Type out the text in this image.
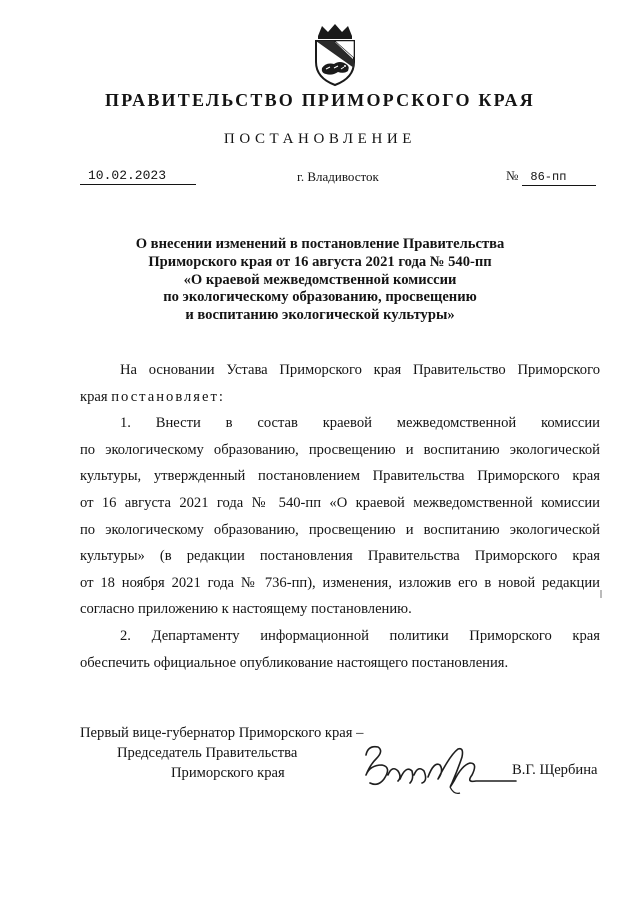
ПРАВИТЕЛЬСТВО ПРИМОРСКОГО КРАЯ
ПОСТАНОВЛЕНИЕ
10.02.2023	г. Владивосток	№ 86-пп
О внесении изменений в постановление Правительства
Приморского края от 16 августа 2021 года № 540-пп
«О краевой межведомственной комиссии
по экологическому образованию, просвещению
и воспитанию экологической культуры»
На основании Устава Приморского края Правительство Приморского
края постановляет:
1. Внести в состав краевой межведомственной комиссии
по экологическому образованию, просвещению и воспитанию экологической
культуры, утвержденный постановлением Правительства Приморского края
от 16 августа 2021 года № 540-пп «О краевой межведомственной комиссии
по экологическому образованию, просвещению и воспитанию экологической
культуры» (в редакции постановления Правительства Приморского края
от 18 ноября 2021 года № 736-пп), изменения, изложив его в новой редакции
согласно приложению к настоящему постановлению.
2. Департаменту информационной политики Приморского края
обеспечить официальное опубликование настоящего постановления.
Первый вице-губернатор Приморского края –
Председатель Правительства
Приморского края	В.Г. Щербина
